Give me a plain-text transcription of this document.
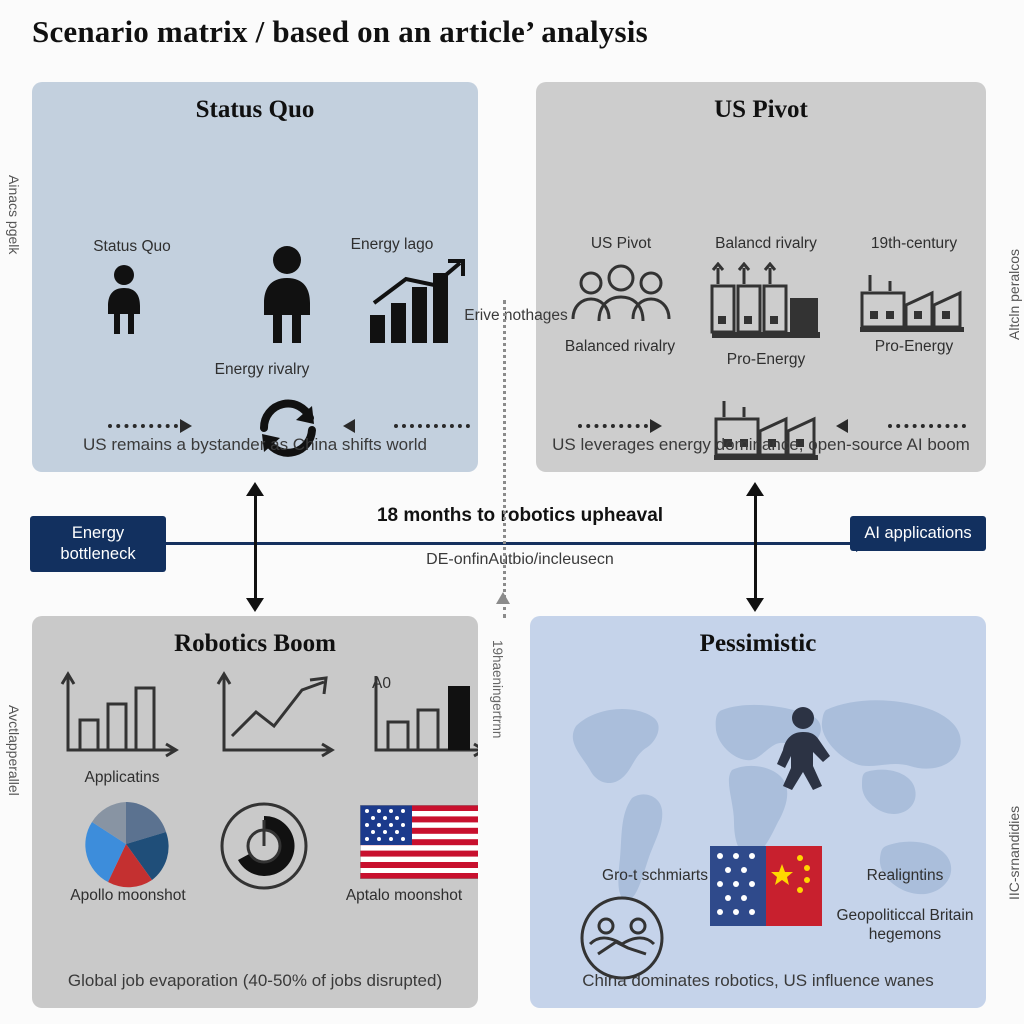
Scenario matrix / based on an article’ analysis
Status Quo
Status Quo	Energy lago
Energy rivalry
US remains a bystander as China shifts world
US Pivot
US Pivot	Balancd rivalry	19th-century
Balanced rivalry
Pro-Energy
Pro-Energy
US leverages energy dominance, open-source AI boom
Robotics Boom
Applicatins
A0
Apollo moonshot	Aptalo moonshot
Global job evaporation (40-50% of jobs disrupted)
Pessimistic
Gro-t schmiarts	Realigntins
Geopoliticcal Britain hegemons
China dominates robotics, US influence wanes
Energy bottleneck
AI applications
18 months to robotics upheaval
DE-onfinAutbio/incleusecn
Erive nothages
19haeningertrnn
Ainacs pgelk
Avctlapperallel
Altcln peralcos
IIC-srnandidies
